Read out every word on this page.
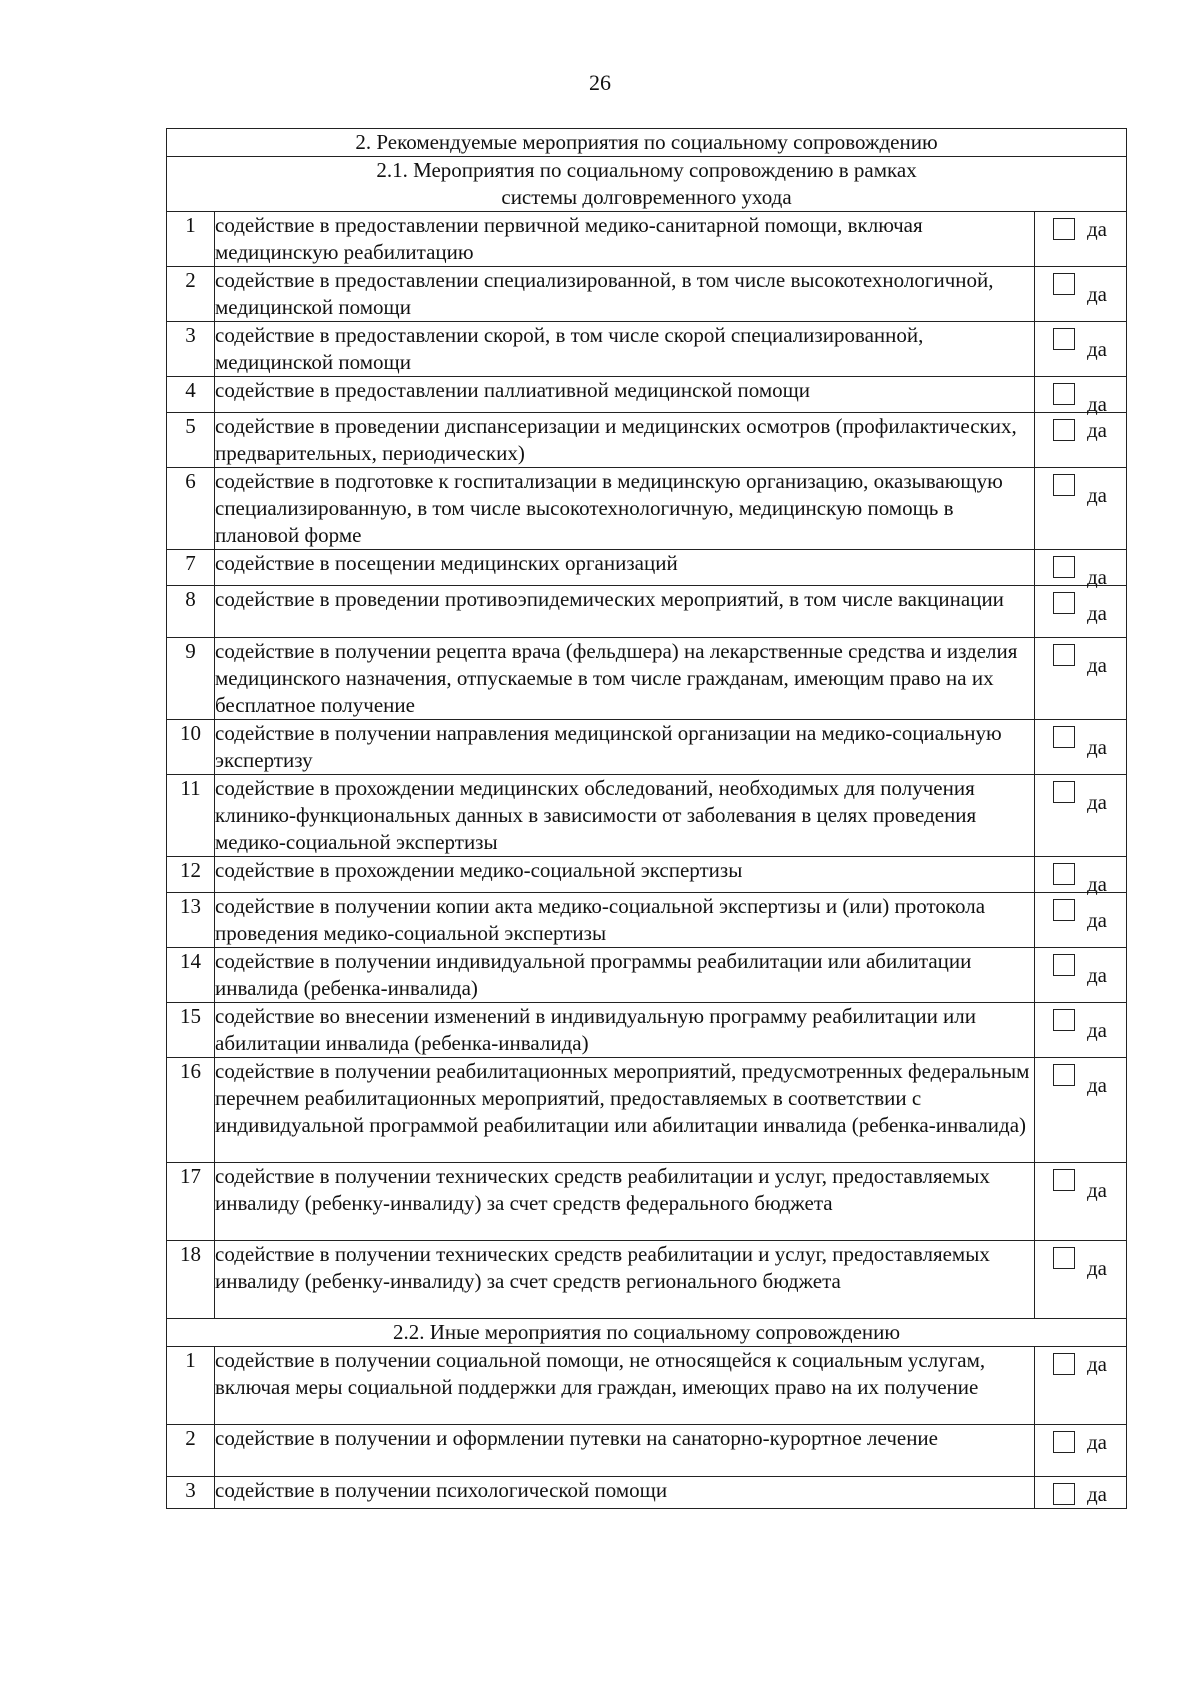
26
2. Рекомендуемые мероприятия по социальному сопровождению		

2.1. Мероприятия по социальному сопровождению в рамках
системы долговременного ухода		

1	содействие в предоставлении первичной медико-санитарной помощи, включая медицинскую реабилитацию	да

2	содействие в предоставлении специализированной, в том числе высокотехнологичной, медицинской помощи	да

3	содействие в предоставлении скорой, в том числе скорой специализированной, медицинской помощи	да

4	содействие в предоставлении паллиативной медицинской помощи	да

5	содействие в проведении диспансеризации и медицинских осмотров (профилактических, предварительных, периодических)	да

6	содействие в подготовке к госпитализации в медицинскую организацию, оказывающую специализированную, в том числе высокотехнологичную, медицинскую помощь в плановой форме	да

7	содействие в посещении медицинских организаций	да

8	содействие в проведении противоэпидемических мероприятий, в том числе вакцинации	да

9	содействие в получении рецепта врача (фельдшера) на лекарственные средства и изделия медицинского назначения, отпускаемые в том числе гражданам, имеющим право на их бесплатное получение	да

10	содействие в получении направления медицинской организации на медико-социальную экспертизу	да

11	содействие в прохождении медицинских обследований, необходимых для получения клинико-функциональных данных в зависимости от заболевания в целях проведения медико-социальной экспертизы	да

12	содействие в прохождении медико-социальной экспертизы	да

13	содействие в получении копии акта медико-социальной экспертизы и (или) протокола проведения медико-социальной экспертизы	да

14	содействие в получении индивидуальной программы реабилитации или абилитации инвалида (ребенка-инвалида)	да

15	содействие во внесении изменений в индивидуальную программу реабилитации или абилитации инвалида (ребенка-инвалида)	да

16	содействие в получении реабилитационных мероприятий, предусмотренных федеральным перечнем реабилитационных мероприятий, предоставляемых в соответствии с индивидуальной программой реабилитации или абилитации инвалида (ребенка-инвалида)	да

17	содействие в получении технических средств реабилитации и услуг, предоставляемых инвалиду (ребенку-инвалиду) за счет средств федерального бюджета	да

18	содействие в получении технических средств реабилитации и услуг, предоставляемых инвалиду (ребенку-инвалиду) за счет средств регионального бюджета	да

2.2. Иные мероприятия по социальному сопровождению		

1	содействие в получении социальной помощи, не относящейся к социальным услугам, включая меры социальной поддержки для граждан, имеющих право на их получение	да

2	содействие в получении и оформлении путевки на санаторно-курортное лечение	да

3	содействие в получении психологической помощи	да
